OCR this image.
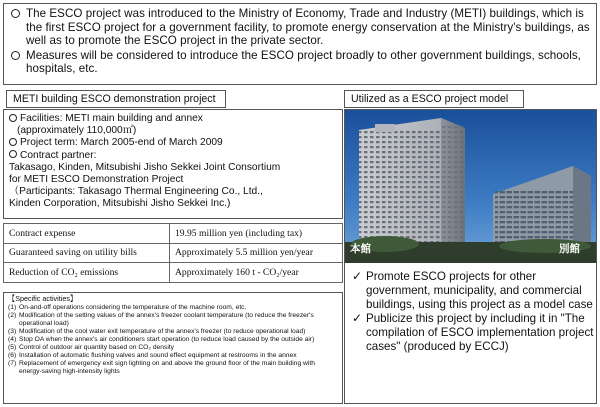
The ESCO project was introduced to the Ministry of Economy, Trade and Industry (METI) buildings, which is the first ESCO project for a government facility, to promote energy conservation at the Ministry's buildings, as well as to promote the ESCO project in the private sector.
Measures will be considered to introduce the ESCO project broadly to other government buildings, schools, hospitals, etc.
METI building ESCO demonstration project	Utilized as a ESCO project model
Facilities: METI main building and annex
(approximately 110,000㎡)
Project term: March 2005-end of March 2009
Contract partner:
Takasago, Kinden, Mitsubishi Jisho Sekkei Joint Consortium
for METI ESCO Demonstration Project
（Participants: Takasago Thermal Engineering Co., Ltd.,
Kinden Corporation, Mitsubishi Jisho Sekkei Inc.)
Contract expense	19.95 million yen (including tax)
Guaranteed saving on utility bills	Approximately 5.5 million yen/year
Reduction of CO₂ emissions	Approximately 160 t - CO₂/year
【Specific activities】
(1) On-and-off operations considering the temperature of the machine room, etc.
(2) Modification of the setting values of the annex's freezer coolant temperature (to reduce the freezer's operational load)
(3) Modification of the cool water exit temperature of the annex's freezer (to reduce operational load)
(4) Stop OA when the annex's air conditioners start operation (to reduce load caused by the outside air)
(5) Control of outdoor air quantity based on CO₂ density
(6) Installation of automatic flushing valves and sound effect equipment at restrooms in the annex
(7) Replacement of emergency exit sign lighting on and above the ground floor of the main building with energy-saving high-intensity lights
本館	別館
✓ Promote ESCO projects for other government, municipality, and commercial buildings, using this project as a model case
✓ Publicize this project by including it in "The compilation of ESCO implementation project cases" (produced by ECCJ)
